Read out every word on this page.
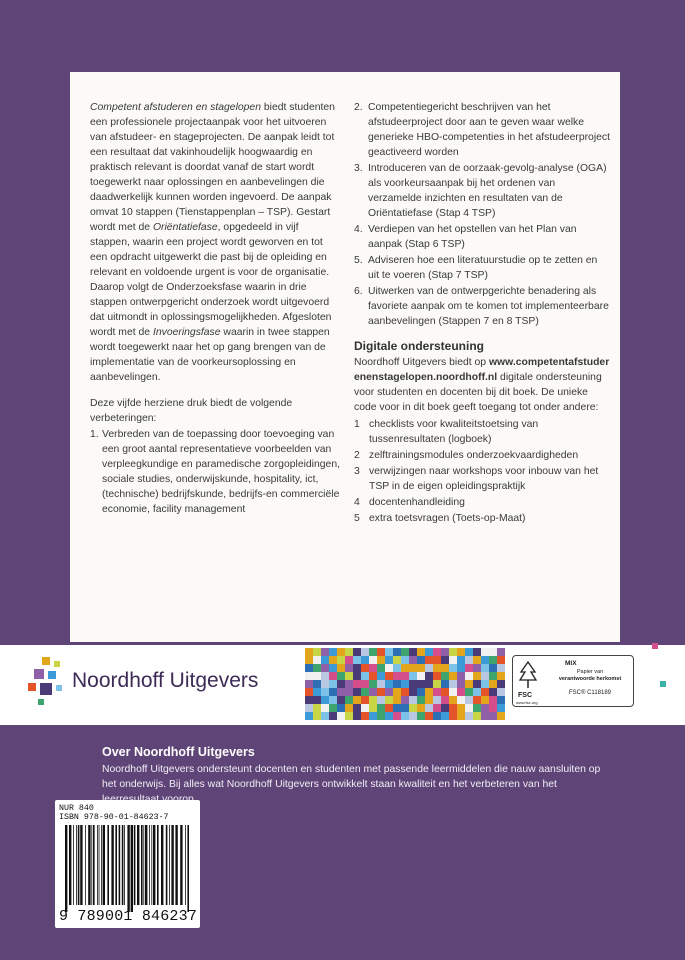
Competent afstuderen en stagelopen biedt studenten een professionele projectaanpak voor het uitvoeren van afstudeer- en stageprojecten. De aanpak leidt tot een resultaat dat vakinhoudelijk hoogwaardig en praktisch relevant is doordat vanaf de start wordt toegewerkt naar oplossingen en aanbevelingen die daadwerkelijk kunnen worden ingevoerd. De aanpak omvat 10 stappen (Tienstappenplan – TSP). Gestart wordt met de Oriëntatiefase, opgedeeld in vijf stappen, waarin een project wordt geworven en tot een opdracht uitgewerkt die past bij de opleiding en relevant en voldoende urgent is voor de organisatie. Daarop volgt de Onderzoeksfase waarin in drie stappen ontwerpgericht onderzoek wordt uitgevoerd dat uitmondt in oplossingsmogelijkheden. Afgesloten wordt met de Invoeringsfase waarin in twee stappen wordt toegewerkt naar het op gang brengen van de implementatie van de voorkeursoplossing en aanbevelingen.

Deze vijfde herziene druk biedt de volgende verbeteringen:

1. Verbreden van de toepassing door toevoeging van een groot aantal representatieve voorbeelden van verpleegkundige en paramedische zorgopleidingen, sociale studies, onderwijskunde, hospitality, ict, (technische) bedrijfskunde, bedrijfs-en commerciële economie, facility management
2. Competentiegericht beschrijven van het afstudeerproject door aan te geven waar welke generieke HBO-competenties in het afstudeerproject geactiveerd worden
3. Introduceren van de oorzaak-gevolg-analyse (OGA) als voorkeursaanpak bij het ordenen van verzamelde inzichten en resultaten van de Oriëntatiefase (Stap 4 TSP)
4. Verdiepen van het opstellen van het Plan van aanpak (Stap 6 TSP)
5. Adviseren hoe een literatuurstudie op te zetten en uit te voeren (Stap 7 TSP)
6. Uitwerken van de ontwerpgerichte benadering als favoriete aanpak om te komen tot implementeerbare aanbevelingen (Stappen 7 en 8 TSP)
Digitale ondersteuning

Noordhoff Uitgevers biedt op www.competentafstuderenenstagelopen.noordhoff.nl digitale ondersteuning voor studenten en docenten bij dit boek. De unieke code voor in dit boek geeft toegang tot onder andere:

1 checklists voor kwaliteitstoetsing van tussenresultaten (logboek)
2 zelftrainingsmodules onderzoekvaardigheden
3 verwijzingen naar workshops voor inbouw van het TSP in de eigen opleidingspraktijk
4 docentenhandleiding
5 extra toetsvragen (Toets-op-Maat)
Noordhoff Uitgevers
FSC
www.fsc.org
MIX
Papier van
verantwoorde herkomst
FSC® C118189
Over Noordhoff Uitgevers

Noordhoff Uitgevers ondersteunt docenten en studenten met passende leermiddelen die nauw aansluiten op het onderwijs. Bij alles wat Noordhoff Uitgevers ontwikkelt staan kwaliteit en het verbeteren van het

NUR 840
ISBN 978-90-01-84623-7
9 789001 846237
